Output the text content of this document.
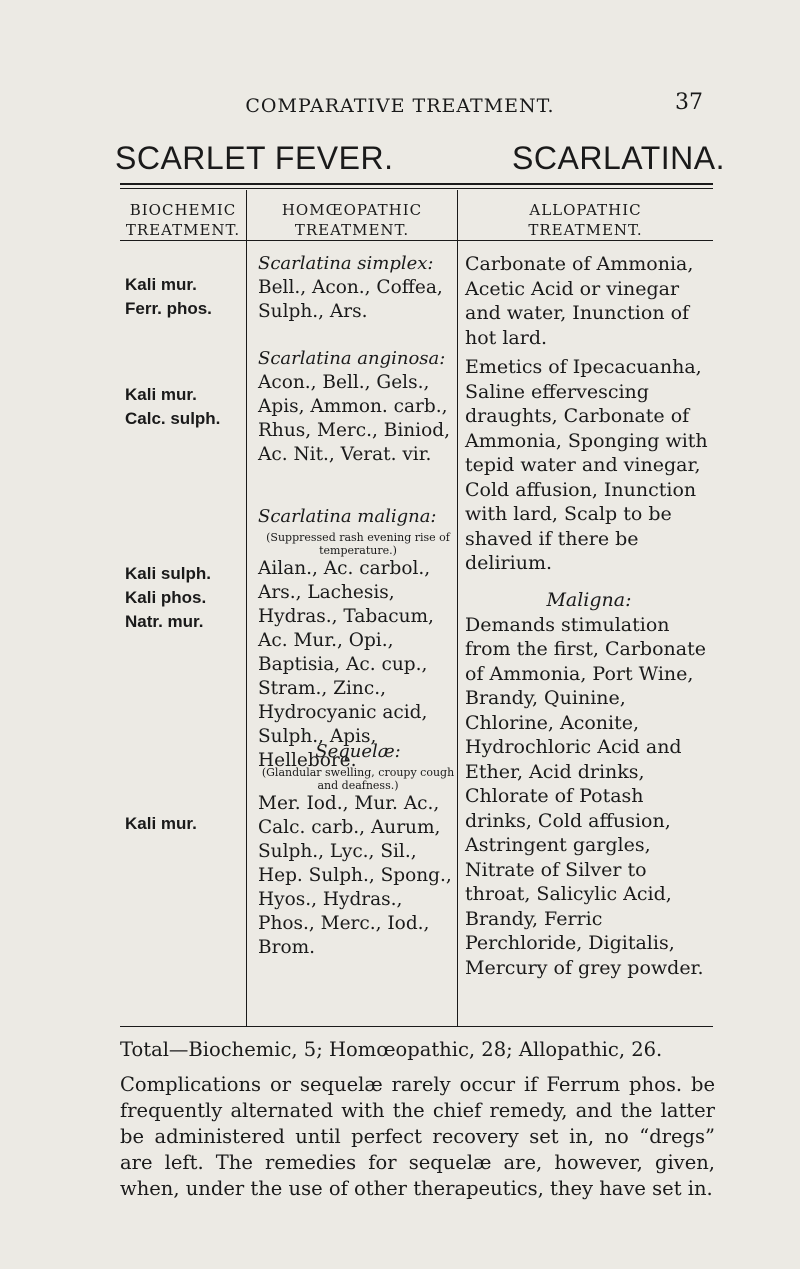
COMPARATIVE TREATMENT.	37
SCARLET FEVER.	SCARLATINA.
BIOCHEMIC
TREATMENT.
HOMŒOPATHIC
TREATMENT.
ALLOPATHIC
TREATMENT.
Kali mur.
Ferr. phos.
Kali mur.
Calc. sulph.
Kali sulph.
Kali phos.
Natr. mur.
Kali mur.
Scarlatina simplex:
Bell., Acon., Coffea, Sulph., Ars.
Scarlatina anginosa:
Acon., Bell., Gels., Apis, Ammon. carb., Rhus, Merc., Biniod, Ac. Nit., Verat. vir.
Scarlatina maligna:
(Suppressed rash evening rise of temperature.)
Ailan., Ac. carbol., Ars., Lachesis, Hydras., Tabacum, Ac. Mur., Opi., Baptisia, Ac. cup., Stram., Zinc., Hydrocyanic acid, Sulph., Apis, Hellebore.
Sequelæ:
(Glandular swelling, croupy cough and deafness.)
Mer. Iod., Mur. Ac., Calc. carb., Aurum, Sulph., Lyc., Sil., Hep. Sulph., Spong., Hyos., Hydras., Phos., Merc., Iod., Brom.
Carbonate of Ammonia, Acetic Acid or vinegar and water, Inunction of hot lard.
Emetics of Ipecacuanha, Saline effervescing draughts, Carbonate of Ammonia, Sponging with tepid water and vinegar, Cold affusion, Inunction with lard, Scalp to be shaved if there be delirium.
Maligna:
Demands stimulation from the first, Carbonate of Ammonia, Port Wine, Brandy, Quinine, Chlorine, Aconite, Hydrochloric Acid and Ether, Acid drinks, Chlorate of Potash drinks, Cold affusion, Astringent gargles, Nitrate of Silver to throat, Salicylic Acid, Brandy, Ferric Perchloride, Digitalis, Mercury of grey powder.
Total—Biochemic, 5; Homœopathic, 28; Allopathic, 26.
Complications or sequelæ rarely occur if Ferrum phos. be frequently alternated with the chief remedy, and the latter be administered until perfect recovery set in, no “dregs” are left. The remedies for sequelæ are, however, given, when, under the use of other therapeutics, they have set in.
